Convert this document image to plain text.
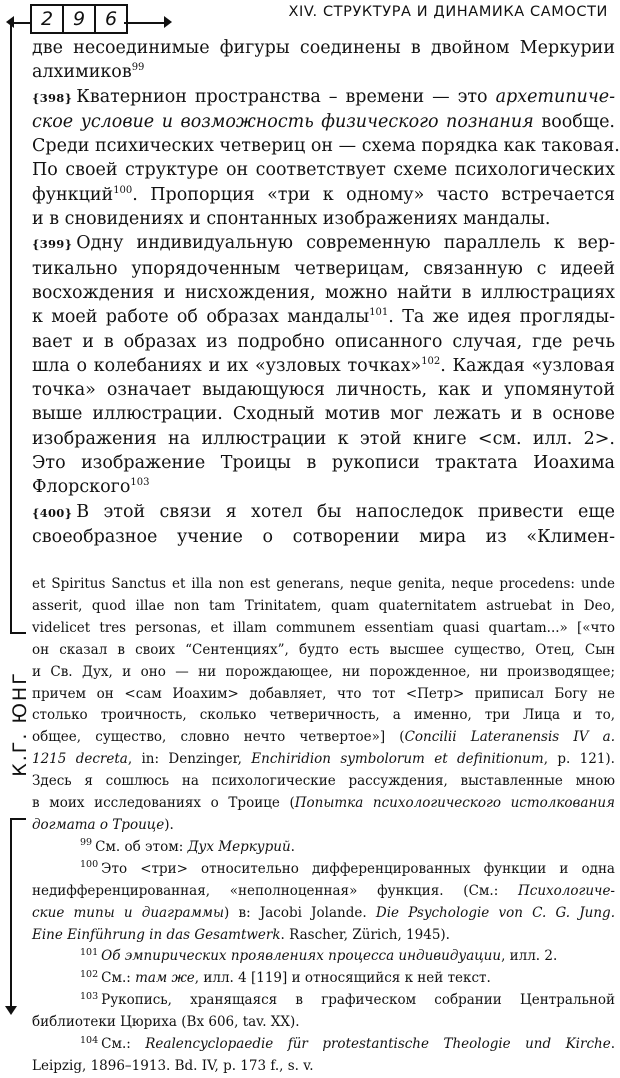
2	9	6	XIV. СТРУКТУРА И ДИНАМИКА САМОСТИ
К.Г. ЮНГ
две несоединимые фигуры соединены в двойном Меркурии
алхимиков$^{99}$
{398} Кватернион пространства – времени — это архетипиче-
ское условие и возможность физического познания вообще.
Среди психических четвериц он — схема порядка как таковая.
По своей структуре он соответствует схеме психологических
функций$^{100}$. Пропорция «три к одному» часто встречается
и в сновидениях и спонтанных изображениях мандалы.
{399} Одну индивидуальную современную параллель к вер-
тикально упорядоченным четверицам, связанную с идеей
восхождения и нисхождения, можно найти в иллюстрациях
к моей работе об образах мандалы$^{101}$. Та же идея прогляды-
вает и в образах из подробно описанного случая, где речь
шла о колебаниях и их «узловых точках»$^{102}$. Каждая «узловая
точка» означает выдающуюся личность, как и упомянутой
выше иллюстрации. Сходный мотив мог лежать и в основе
изображения на иллюстрации к этой книге <см. илл. 2>.
Это изображение Троицы в рукописи трактата Иоахима
Флорского$^{103}$
{400} В этой связи я хотел бы напоследок привести еще
своеобразное учение о сотворении мира из «Климен-
et Spiritus Sanctus et illa non est generans, neque genita, neque procedens: unde
asserit, quod illae non tam Trinitatem, quam quaternitatem astruebat in Deo,
videlicet tres personas, et illam communem essentiam quasi quartam...» [«что
он сказал в своих “Сентенциях”, будто есть высшее существо, Отец, Сын
и Св. Дух, и оно — ни порождающее, ни порожденное, ни производящее;
причем он <сам Иоахим> добавляет, что тот <Петр> приписал Богу не
столько троичность, сколько четверичность, а именно, три Лица и то,
общее, существо, словно нечто четвертое»] (Concilii Lateranensis IV a.
1215 decreta, in: Denzinger, Enchiridion symbolorum et definitionum, p. 121).
Здесь я сошлюсь на психологические рассуждения, выставленные мною
в моих исследованиях о Троице (Попытка психологического истолкования
догмата о Троице).
$^{99}$ См. об этом: Дух Меркурий.
$^{100}$ Это <три> относительно дифференцированных функции и одна
недифференцированная, «неполноценная» функция. (См.: Психологиче-
ские типы и диаграммы) в: Jacobi Jolande. Die Psychologie von C. G. Jung.
Eine Einführung in das Gesamtwerk. Rascher, Zürich, 1945).
$^{101}$ Об эмпирических проявлениях процесса индивидуации, илл. 2.
$^{102}$ См.: там же, илл. 4 [119] и относящийся к ней текст.
$^{103}$ Рукопись, хранящаяся в графическом собрании Центральной
библиотеки Цюриха (Bx 606, tav. XX).
$^{104}$ См.: Realencyclopaedie für protestantische Theologie und Kirche.
Leipzig, 1896–1913. Bd. IV, p. 173 f., s. v.
